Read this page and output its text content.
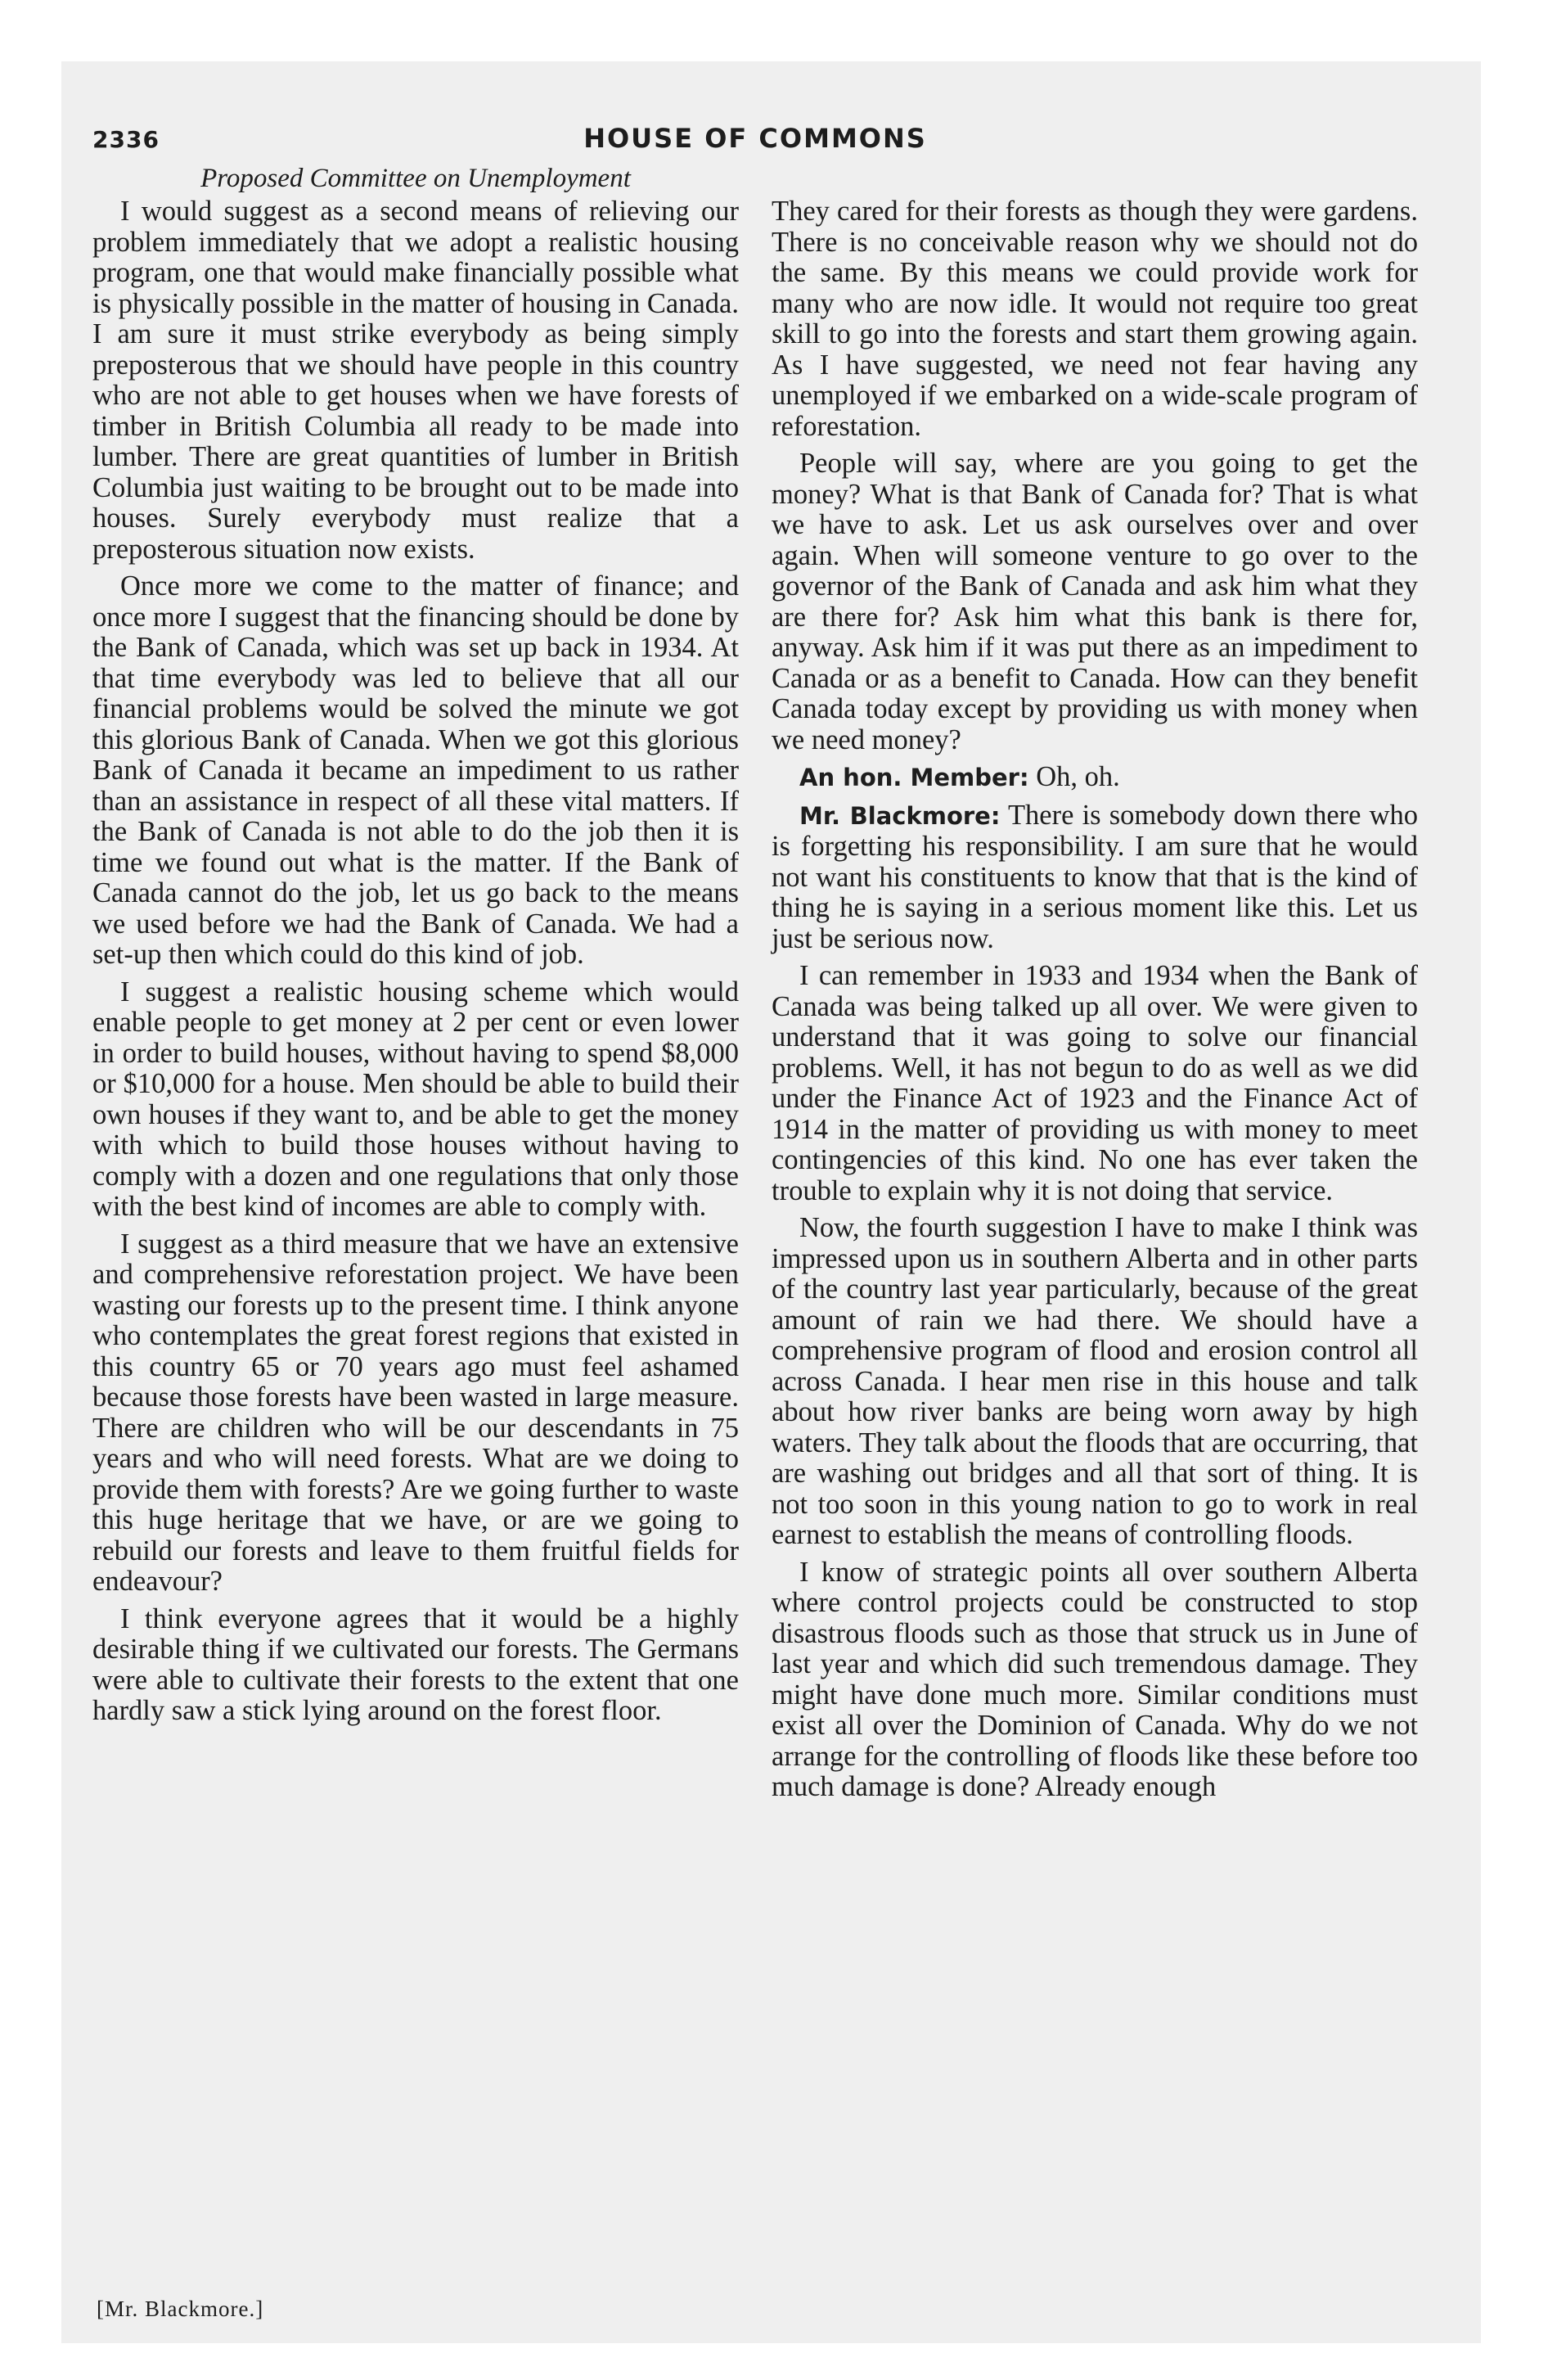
2336	HOUSE OF COMMONS

Proposed Committee on Unemployment

I would suggest as a second means of relieving our problem immediately that we adopt a realistic housing program, one that would make financially possible what is physically possible in the matter of housing in Canada. I am sure it must strike everybody as being simply preposterous that we should have people in this country who are not able to get houses when we have forests of timber in British Columbia all ready to be made into lumber. There are great quantities of lumber in British Columbia just waiting to be brought out to be made into houses. Surely everybody must realize that a preposterous situation now exists.

Once more we come to the matter of finance; and once more I suggest that the financing should be done by the Bank of Canada, which was set up back in 1934. At that time everybody was led to believe that all our financial problems would be solved the minute we got this glorious Bank of Canada. When we got this glorious Bank of Canada it became an impediment to us rather than an assistance in respect of all these vital matters. If the Bank of Canada is not able to do the job then it is time we found out what is the matter. If the Bank of Canada cannot do the job, let us go back to the means we used before we had the Bank of Canada. We had a set-up then which could do this kind of job.

I suggest a realistic housing scheme which would enable people to get money at 2 per cent or even lower in order to build houses, without having to spend $8,000 or $10,000 for a house. Men should be able to build their own houses if they want to, and be able to get the money with which to build those houses without having to comply with a dozen and one regulations that only those with the best kind of incomes are able to comply with.

I suggest as a third measure that we have an extensive and comprehensive reforestation project. We have been wasting our forests up to the present time. I think anyone who contemplates the great forest regions that existed in this country 65 or 70 years ago must feel ashamed because those forests have been wasted in large measure. There are children who will be our descendants in 75 years and who will need forests. What are we doing to provide them with forests? Are we going further to waste this huge heritage that we have, or are we going to rebuild our forests and leave to them fruitful fields for endeavour?

I think everyone agrees that it would be a highly desirable thing if we cultivated our forests. The Germans were able to cultivate their forests to the extent that one hardly saw a stick lying around on the forest floor.

They cared for their forests as though they were gardens. There is no conceivable reason why we should not do the same. By this means we could provide work for many who are now idle. It would not require too great skill to go into the forests and start them growing again. As I have suggested, we need not fear having any unemployed if we embarked on a wide-scale program of reforestation.

People will say, where are you going to get the money? What is that Bank of Canada for? That is what we have to ask. Let us ask ourselves over and over again. When will someone venture to go over to the governor of the Bank of Canada and ask him what they are there for? Ask him what this bank is there for, anyway. Ask him if it was put there as an impediment to Canada or as a benefit to Canada. How can they benefit Canada today except by providing us with money when we need money?

An hon. Member: Oh, oh.

Mr. Blackmore: There is somebody down there who is forgetting his responsibility. I am sure that he would not want his constituents to know that that is the kind of thing he is saying in a serious moment like this. Let us just be serious now.

I can remember in 1933 and 1934 when the Bank of Canada was being talked up all over. We were given to understand that it was going to solve our financial problems. Well, it has not begun to do as well as we did under the Finance Act of 1923 and the Finance Act of 1914 in the matter of providing us with money to meet contingencies of this kind. No one has ever taken the trouble to explain why it is not doing that service.

Now, the fourth suggestion I have to make I think was impressed upon us in southern Alberta and in other parts of the country last year particularly, because of the great amount of rain we had there. We should have a comprehensive program of flood and erosion control all across Canada. I hear men rise in this house and talk about how river banks are being worn away by high waters. They talk about the floods that are occurring, that are washing out bridges and all that sort of thing. It is not too soon in this young nation to go to work in real earnest to establish the means of controlling floods.

I know of strategic points all over southern Alberta where control projects could be constructed to stop disastrous floods such as those that struck us in June of last year and which did such tremendous damage. They might have done much more. Similar conditions must exist all over the Dominion of Canada. Why do we not arrange for the controlling of floods like these before too much damage is done? Already enough

[Mr. Blackmore.]
